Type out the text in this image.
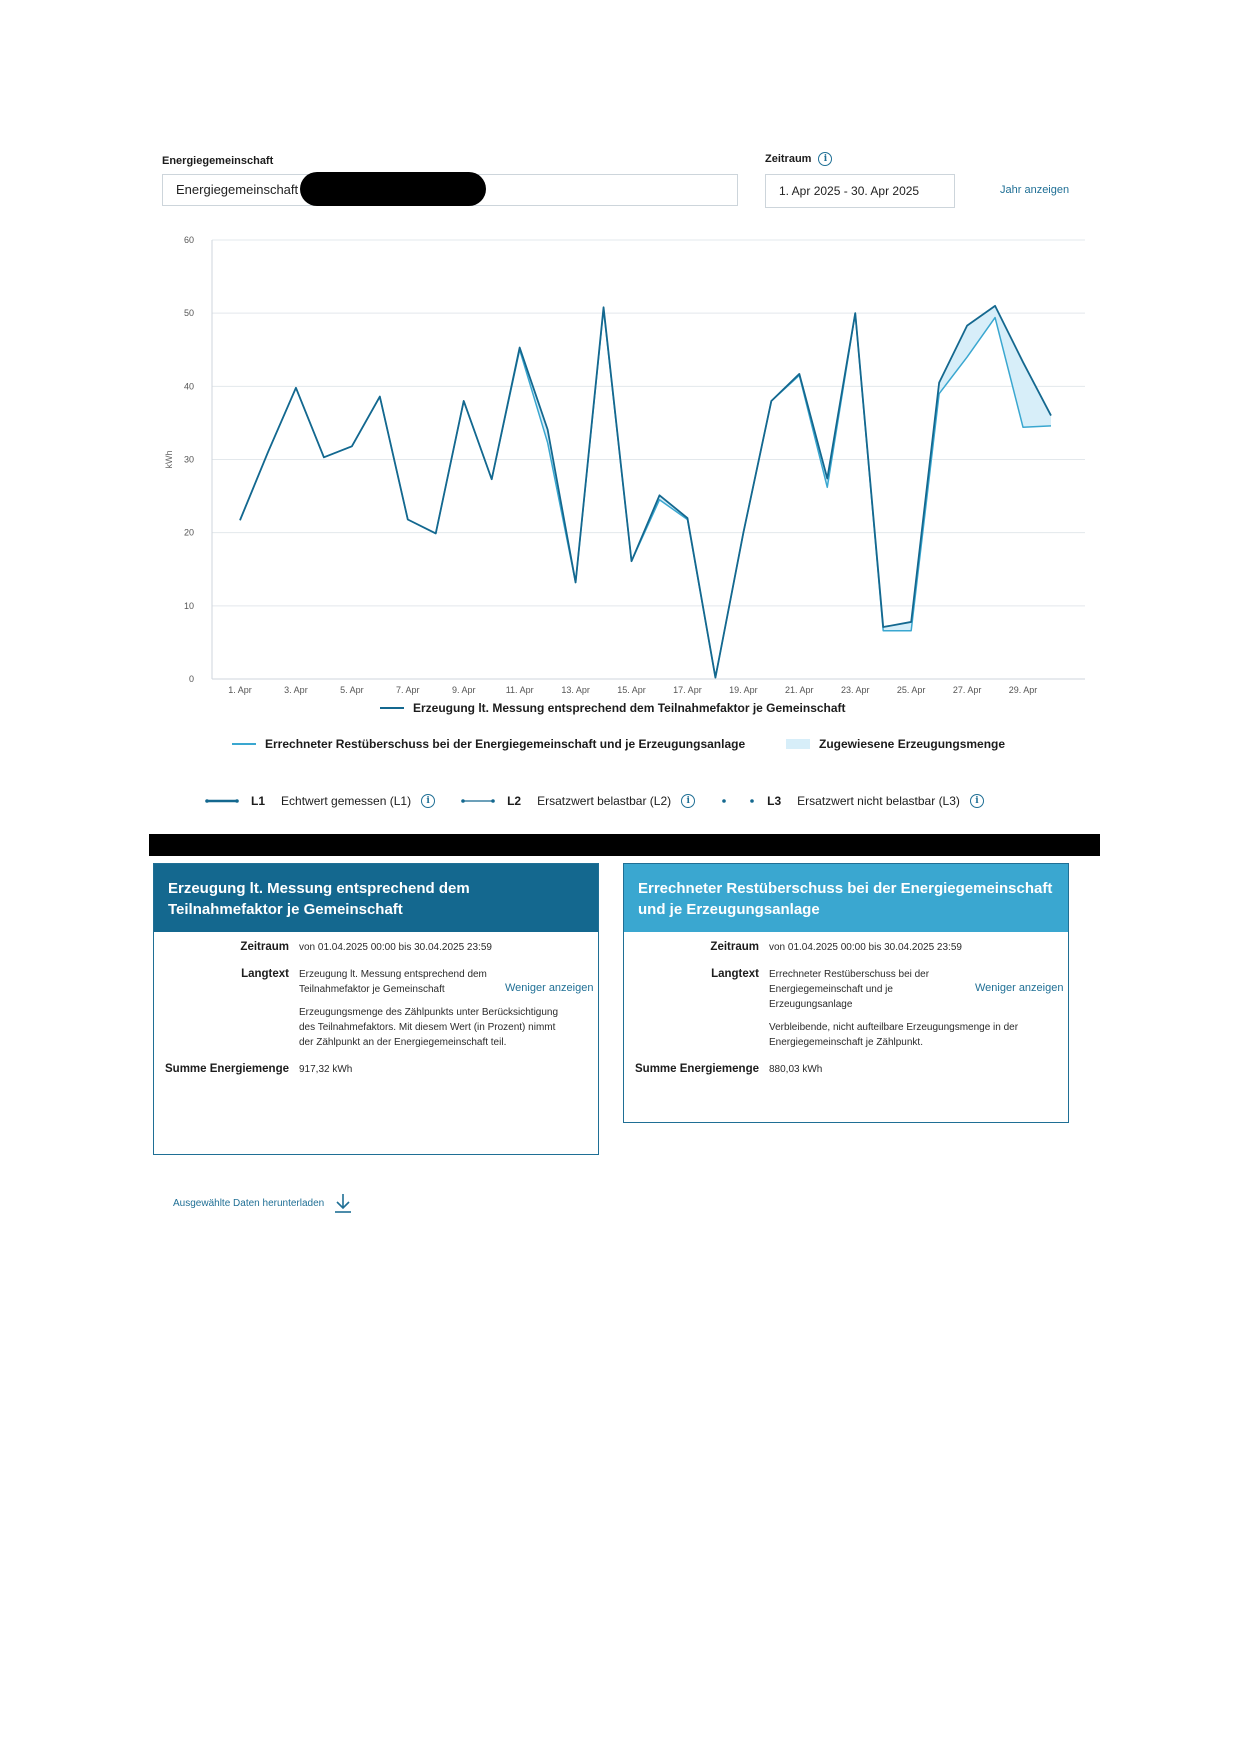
Energiegemeinschaft
Energiegemeinschaft
Zeitraum	i
1. Apr 2025 - 30. Apr 2025	Jahr anzeigen
0
10
20
30
40
50
60
kWh
1. Apr	3. Apr	5. Apr	7. Apr	9. Apr	11. Apr	13. Apr	15. Apr	17. Apr	19. Apr	21. Apr	23. Apr	25. Apr	27. Apr	29. Apr
Erzeugung lt. Messung entsprechend dem Teilnahmefaktor je Gemeinschaft
Errechneter Restüberschuss bei der Energiegemeinschaft und je Erzeugungsanlage	Zugewiesene Erzeugungsmenge
L1 Echtwert gemessen (L1)	i	L2 Ersatzwert belastbar (L2)	i	L3 Ersatzwert nicht belastbar (L3)	i
Erzeugung lt. Messung entsprechend dem Teilnahmefaktor je Gemeinschaft
Zeitraum	von 01.04.2025 00:00 bis 30.04.2025 23:59
Langtext	Erzeugung lt. Messung entsprechend dem Teilnahmefaktor je Gemeinschaft	Weniger anzeigen
Erzeugungsmenge des Zählpunkts unter Berücksichtigung des Teilnahmefaktors. Mit diesem Wert (in Prozent) nimmt der Zählpunkt an der Energiegemeinschaft teil.
Summe Energiemenge	917,32 kWh
Errechneter Restüberschuss bei der Energiegemeinschaft und je Erzeugungsanlage
Zeitraum	von 01.04.2025 00:00 bis 30.04.2025 23:59
Langtext	Errechneter Restüberschuss bei der Energiegemeinschaft und je Erzeugungsanlage
Weniger anzeigen
Verbleibende, nicht aufteilbare Erzeugungsmenge in der Energiegemeinschaft je Zählpunkt.
Summe Energiemenge	880,03 kWh
Ausgewählte Daten herunterladen
